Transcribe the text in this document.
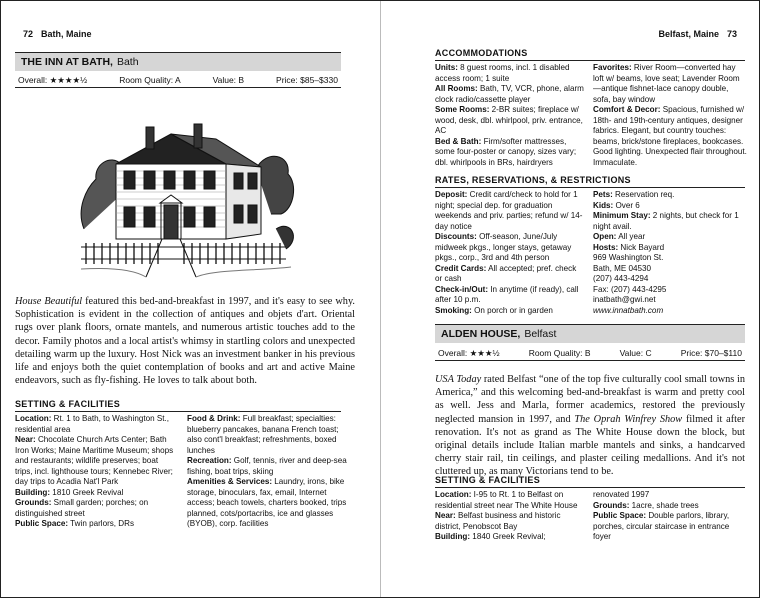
72 Bath, Maine
THE INN AT BATH, Bath
Overall: ★★★★½	Room Quality: A	Value: B	Price: $85–$330

House Beautiful featured this bed-and-breakfast in 1997, and it's easy to see why. Sophistication is evident in the collection of antiques and objets d'art. Oriental rugs over plank floors, ornate mantels, and numerous artistic touches add to the decor. Family photos and a local artist's whimsy in startling colors and unexpected detailing warm up the luxury. Host Nick was an investment banker in his previous life and enjoys both the quiet contemplation of books and art and active Maine endeavors, such as fly-fishing. He loves to talk about both.

SETTING & FACILITIES

Location: Rt. 1 to Bath, to Washington St., residential area

Near: Chocolate Church Arts Center; Bath Iron Works; Maine Maritime Museum; shops and restaurants; wildlife preserves; boat trips, incl. lighthouse tours; Kennebec River; day trips to Acadia Nat'l Park

Building: 1810 Greek Revival

Grounds: Small garden; porches; on distinguished street

Public Space: Twin parlors, DRs

Food & Drink: Full breakfast; specialties: blueberry pancakes, banana French toast; also cont'l breakfast; refreshments, boxed lunches

Recreation: Golf, tennis, river and deep-sea fishing, boat trips, skiing

Amenities & Services: Laundry, irons, bike storage, binoculars, fax, email, Internet access; beach towels, charters booked, trips planned, cots/portacribs, ice and glasses (BYOB), corp. facilities

Belfast, Maine 73
ACCOMMODATIONS

Units: 8 guest rooms, incl. 1 disabled access room; 1 suite

All Rooms: Bath, TV, VCR, phone, alarm clock radio/cassette player

Some Rooms: 2-BR suites; fireplace w/ wood, desk, dbl. whirlpool, priv. entrance, AC

Bed & Bath: Firm/softer mattresses, some four-poster or canopy, sizes vary; dbl. whirlpools in BRs, hairdryers

Favorites: River Room—converted hay loft w/ beams, love seat; Lavender Room—antique fishnet-lace canopy double, sofa, bay window

Comfort & Decor: Spacious, furnished w/ 18th- and 19th-century antiques, designer fabrics. Elegant, but country touches: beams, brick/stone fireplaces, bookcases. Good lighting. Unexpected flair throughout. Immaculate.

RATES, RESERVATIONS, & RESTRICTIONS

Deposit: Credit card/check to hold for 1 night; special dep. for graduation weekends and priv. parties; refund w/ 14-day notice

Discounts: Off-season, June/July midweek pkgs., longer stays, getaway pkgs., corp., 3rd and 4th person

Credit Cards: All accepted; pref. check or cash

Check-in/Out: In anytime (if ready), call after 10 p.m.

Smoking: On porch or in garden

Pets: Reservation req.

Kids: Over 6

Minimum Stay: 2 nights, but check for 1 night avail.

Open: All year

Hosts: Nick Bayard

969 Washington St.

Bath, ME 04530

(207) 443-4294

Fax: (207) 443-4295

inatbath@gwi.net

www.innatbath.com

ALDEN HOUSE, Belfast
Overall: ★★★½	Room Quality: B	Value: C	Price: $70–$110

USA Today rated Belfast “one of the top five culturally cool small towns in America,” and this welcoming bed-and-breakfast is warm and pretty cool as well. Jess and Marla, former academics, restored the previously neglected mansion in 1997, and The Oprah Winfrey Show filmed it after renovation. It's not as grand as The White House down the block, but original details include Italian marble mantels and sinks, a handcarved cherry stair rail, tin ceilings, and plaster ceiling medallions. And it's not cluttered up, as many Victorians tend to be.

SETTING & FACILITIES

Location: I-95 to Rt. 1 to Belfast on residential street near The White House

Near: Belfast business and historic district, Penobscot Bay

Building: 1840 Greek Revival;

renovated 1997

Grounds: 1acre, shade trees

Public Space: Double parlors, library, porches, circular staircase in entrance foyer
